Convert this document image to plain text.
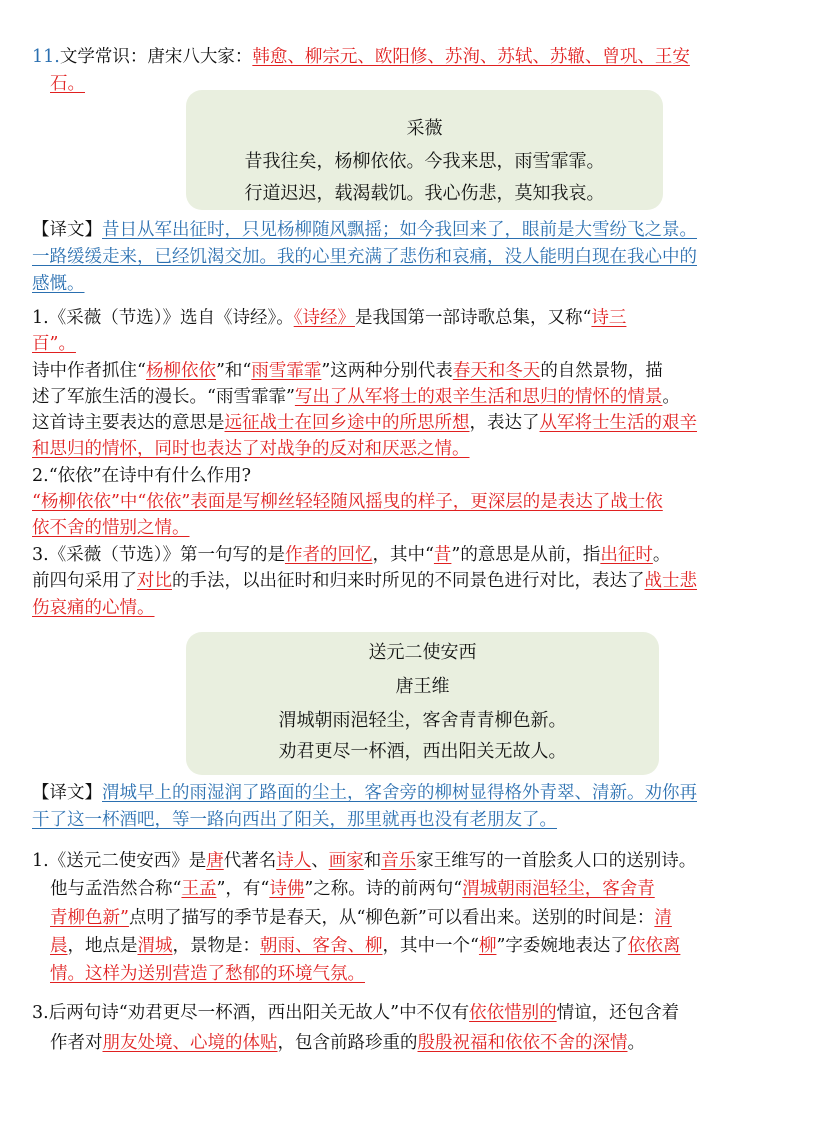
11.文学常识：唐宋八大家：韩愈、柳宗元、欧阳修、苏洵、苏轼、苏辙、曾巩、王安
石。
采薇
昔我往矣，杨柳依依。今我来思，雨雪霏霏。
行道迟迟，载渴载饥。我心伤悲，莫知我哀。
【译文】昔日从军出征时，只见杨柳随风飘摇；如今我回来了，眼前是大雪纷飞之景。
一路缓缓走来，已经饥渴交加。我的心里充满了悲伤和哀痛，没人能明白现在我心中的
感慨。
1.《采薇（节选）》选自《诗经》。《诗经》是我国第一部诗歌总集，又称“诗三
百”。
诗中作者抓住“杨柳依依”和“雨雪霏霏”这两种分别代表春天和冬天的自然景物，描
述了军旅生活的漫长。“雨雪霏霏”写出了从军将士的艰辛生活和思归的情怀的情景。
这首诗主要表达的意思是远征战士在回乡途中的所思所想，表达了从军将士生活的艰辛
和思归的情怀，同时也表达了对战争的反对和厌恶之情。
2.“依依”在诗中有什么作用?
“杨柳依依”中“依依”表面是写柳丝轻轻随风摇曳的样子，更深层的是表达了战士依
依不舍的惜别之情。
3.《采薇（节选）》第一句写的是作者的回忆，其中“昔”的意思是从前，指出征时。
前四句采用了对比的手法，以出征时和归来时所见的不同景色进行对比，表达了战士悲
伤哀痛的心情。
送元二使安西
唐王维
渭城朝雨浥轻尘，客舍青青柳色新。
劝君更尽一杯酒，西出阳关无故人。
【译文】渭城早上的雨湿润了路面的尘土，客舍旁的柳树显得格外青翠、清新。劝你再
干了这一杯酒吧，等一路向西出了阳关，那里就再也没有老朋友了。
1.《送元二使安西》是唐代著名诗人、画家和音乐家王维写的一首脍炙人口的送别诗。
他与孟浩然合称“王孟”，有“诗佛”之称。诗的前两句“渭城朝雨浥轻尘，客舍青
青柳色新”点明了描写的季节是春天，从“柳色新”可以看出来。送别的时间是：清
晨，地点是渭城，景物是：朝雨、客舍、柳，其中一个“柳”字委婉地表达了依依离
情。这样为送别营造了愁郁的环境气氛。
3.后两句诗“劝君更尽一杯酒，西出阳关无故人”中不仅有依依惜别的情谊，还包含着
作者对朋友处境、心境的体贴，包含前路珍重的殷殷祝福和依依不舍的深情。
